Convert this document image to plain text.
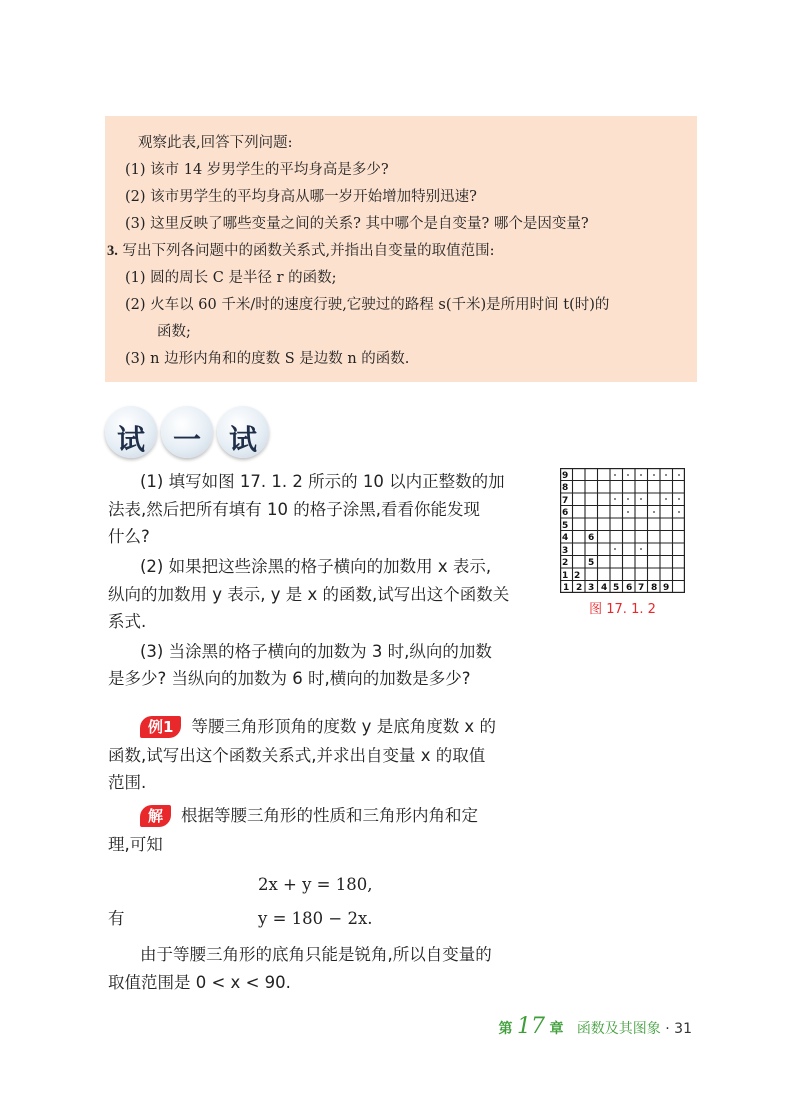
观察此表,回答下列问题:
(1) 该市 14 岁男学生的平均身高是多少?
(2) 该市男学生的平均身高从哪一岁开始增加特别迅速?
(3) 这里反映了哪些变量之间的关系? 其中哪个是自变量? 哪个是因变量?
3. 写出下列各问题中的函数关系式,并指出自变量的取值范围:
(1) 圆的周长 C 是半径 r 的函数;
(2) 火车以 60 千米/时的速度行驶,它驶过的路程 s(千米)是所用时间 t(时)的
函数;
(3) n 边形内角和的度数 S 是边数 n 的函数.
试 一 试
(1) 填写如图 17. 1. 2 所示的 10 以内正整数的加
法表,然后把所有填有 10 的格子涂黑,看看你能发现
什么?
(2) 如果把这些涂黑的格子横向的加数用 x 表示,
纵向的加数用 y 表示, y 是 x 的函数,试写出这个函数关
系式.
(3) 当涂黑的格子横向的加数为 3 时,纵向的加数
是多少? 当纵向的加数为 6 时,横向的加数是多少?
9
8
7
6
5
4
3
2
1
1 2 3 4 5 6 7 8 9
2
6
5
图 17. 1. 2
例1 等腰三角形顶角的度数 y 是底角度数 x 的
函数,试写出这个函数关系式,并求出自变量 x 的取值
范围.
解 根据等腰三角形的性质和三角形内角和定
理,可知
2x + y = 180,
有	y = 180 − 2x.
由于等腰三角形的底角只能是锐角,所以自变量的
取值范围是 0 < x < 90.
第 17 章 函数及其图象 · 31
